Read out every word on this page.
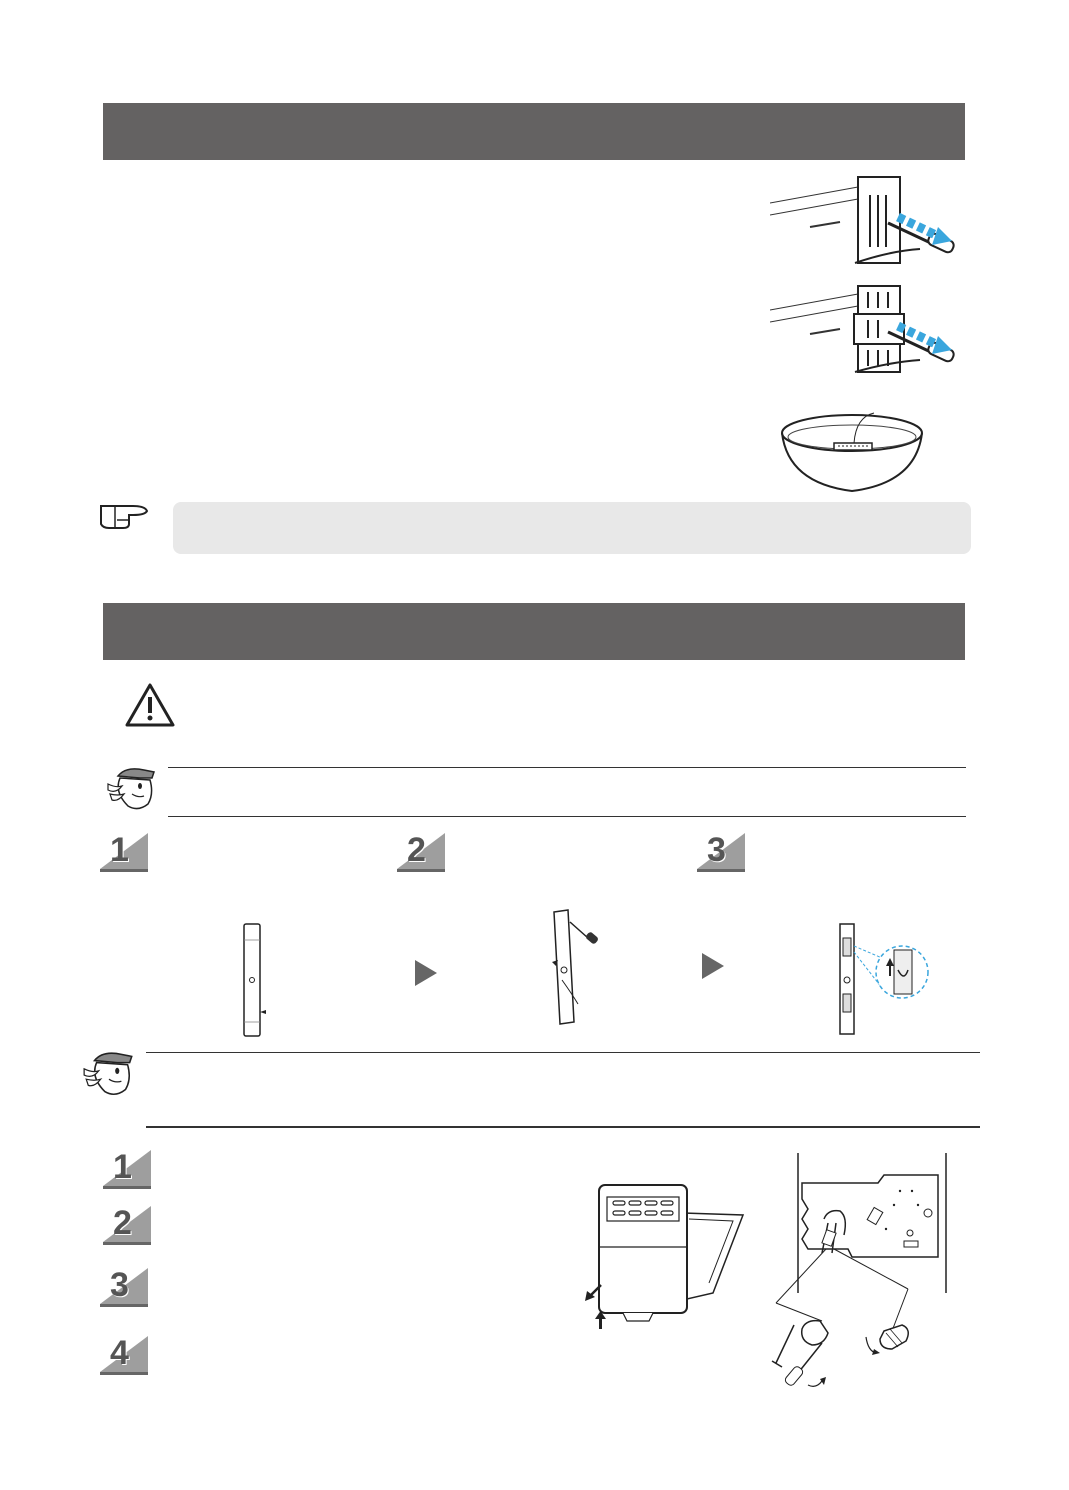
1	2	3
1
2
3
4
